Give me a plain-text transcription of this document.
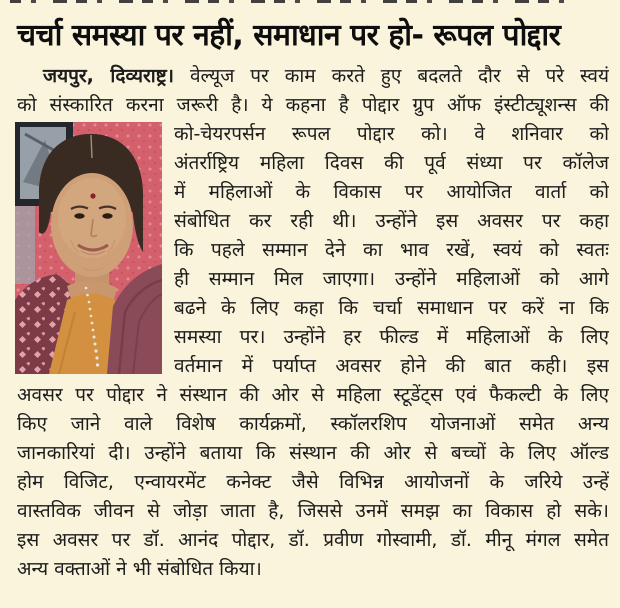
चर्चा समस्या पर नहीं, समाधान पर हो- रूपल पोद्दार
जयपुर, दिव्यराष्ट्र। वेल्यूज पर काम करते हुए बदलते दौर से परे स्वयं
को संस्कारित करना जरूरी है। ये कहना है पोद्दार ग्रुप ऑफ इंस्टीट्यूशन्स की
को-चेयरपर्सन रूपल पोद्दार को। वे शनिवार को
अंतर्राष्ट्रिय महिला दिवस की पूर्व संध्या पर कॉलेज
में महिलाओं के विकास पर आयोजित वार्ता को
संबोधित कर रही थी। उन्होंने इस अवसर पर कहा
कि पहले सम्मान देने का भाव रखें, स्वयं को स्वतः
ही सम्मान मिल जाएगा। उन्होंने महिलाओं को आगे
बढने के लिए कहा कि चर्चा समाधान पर करें ना कि
समस्या पर। उन्होंने हर फील्ड में महिलाओं के लिए
वर्तमान में पर्याप्त अवसर होने की बात कही। इस
अवसर पर पोद्दार ने संस्थान की ओर से महिला स्टूडेंट्स एवं फैकल्टी के लिए
किए जाने वाले विशेष कार्यक्रमों, स्कॉलरशिप योजनाओं समेत अन्य
जानकारियां दी। उन्होंने बताया कि संस्थान की ओर से बच्चों के लिए ऑल्ड
होम विजिट, एन्वायरमेंट कनेक्ट जैसे विभिन्न आयोजनों के जरिये उन्हें
वास्तविक जीवन से जोड़ा जाता है, जिससे उनमें समझ का विकास हो सके।
इस अवसर पर डॉ. आनंद पोद्दार, डॉ. प्रवीण गोस्वामी, डॉ. मीनू मंगल समेत
अन्य वक्ताओं ने भी संबोधित किया।
